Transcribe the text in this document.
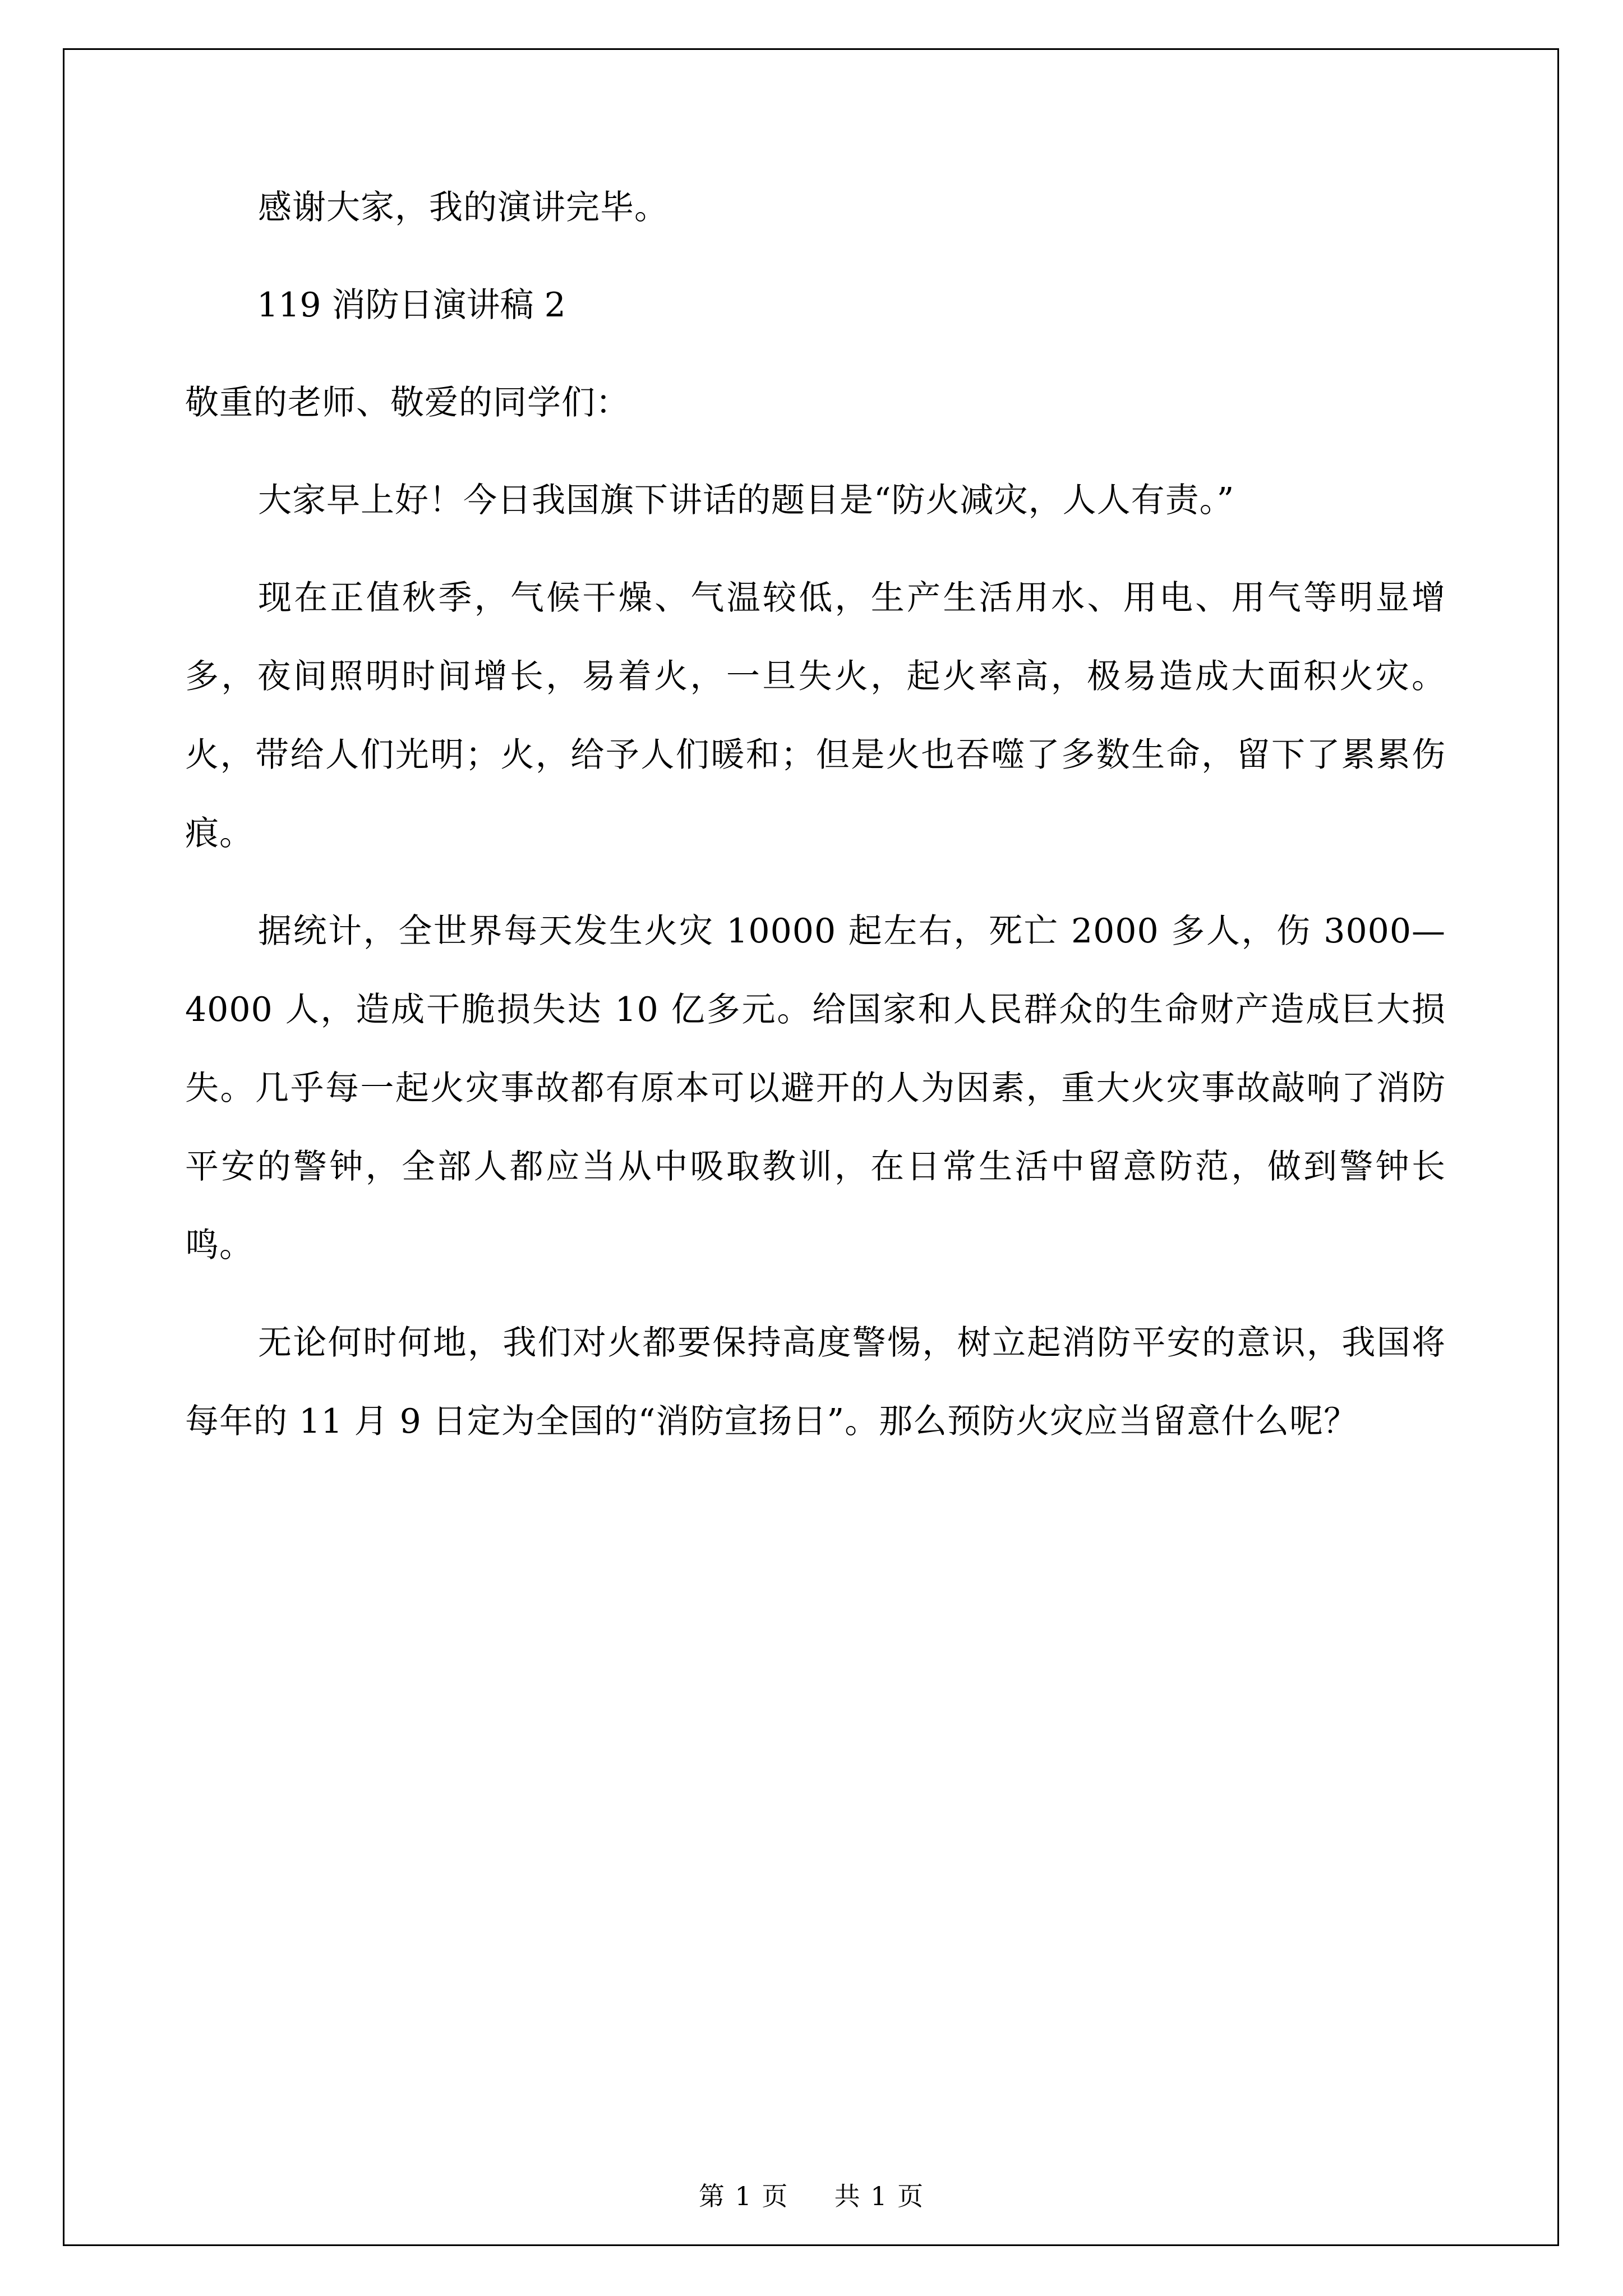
感谢大家，我的演讲完毕。

119 消防日演讲稿 2

敬重的老师、敬爱的同学们：

大家早上好！今日我国旗下讲话的题目是“防火减灾，人人有责。”

现在正值秋季，气候干燥、气温较低，生产生活用水、用电、用气等明显增多，夜间照明时间增长，易着火，一旦失火，起火率高，极易造成大面积火灾。火，带给人们光明；火，给予人们暖和；但是火也吞噬了多数生命，留下了累累伤痕。

据统计，全世界每天发生火灾 10000 起左右，死亡 2000 多人，伤 3000—4000 人，造成干脆损失达 10 亿多元。给国家和人民群众的生命财产造成巨大损失。几乎每一起火灾事故都有原本可以避开的人为因素，重大火灾事故敲响了消防平安的警钟，全部人都应当从中吸取教训，在日常生活中留意防范，做到警钟长鸣。

无论何时何地，我们对火都要保持高度警惕，树立起消防平安的意识，我国将每年的 11 月 9 日定为全国的“消防宣扬日”。那么预防火灾应当留意什么呢？

第 1 页 共 1 页
